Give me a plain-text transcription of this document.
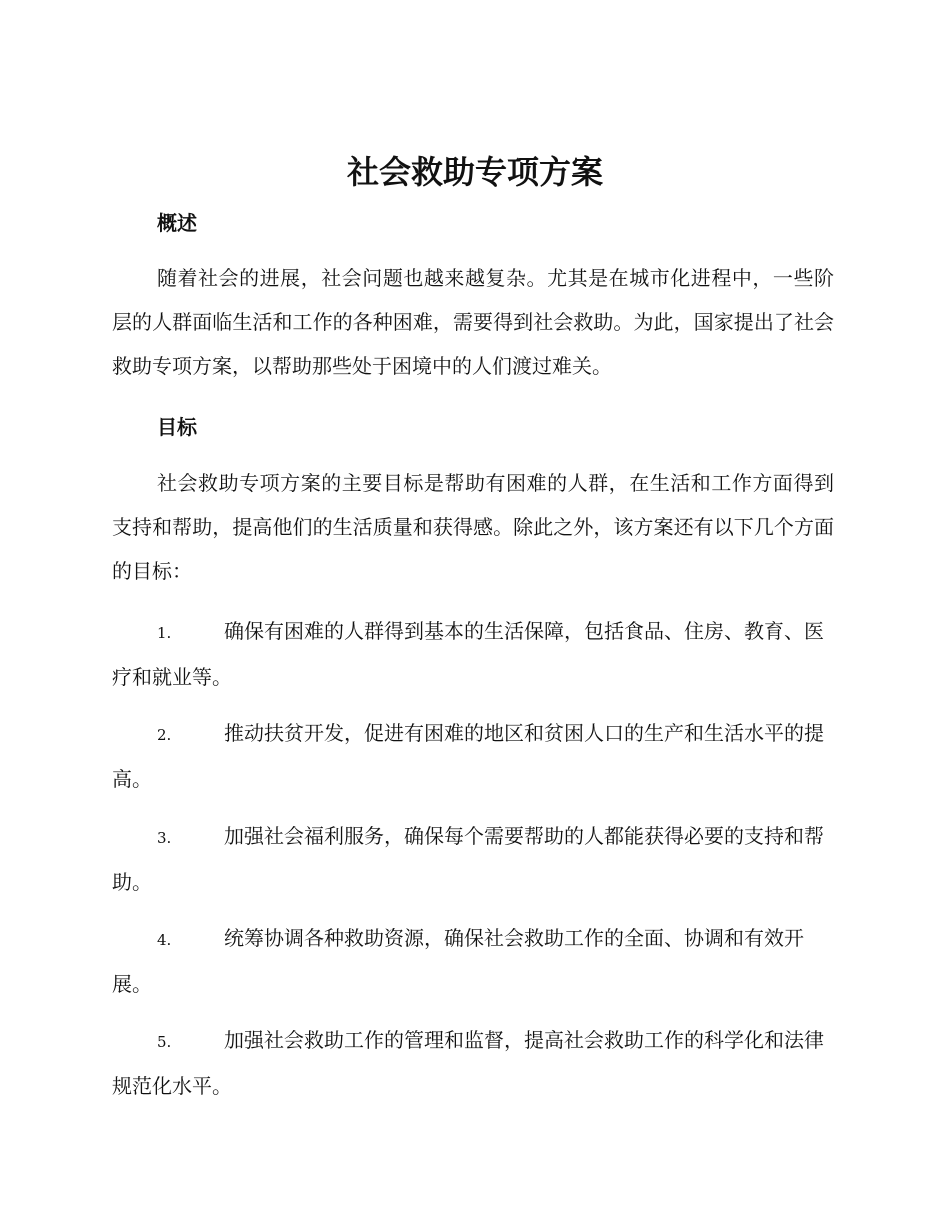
社会救助专项方案
概述

随着社会的进展，社会问题也越来越复杂。尤其是在城市化进程中，一些阶层的人群面临生活和工作的各种困难，需要得到社会救助。为此，国家提出了社会救助专项方案，以帮助那些处于困境中的人们渡过难关。

目标

社会救助专项方案的主要目标是帮助有困难的人群，在生活和工作方面得到支持和帮助，提高他们的生活质量和获得感。除此之外，该方案还有以下几个方面的目标：

1.	确保有困难的人群得到基本的生活保障，包括食品、住房、教育、医疗和就业等。

2.	推动扶贫开发，促进有困难的地区和贫困人口的生产和生活水平的提高。

3.	加强社会福利服务，确保每个需要帮助的人都能获得必要的支持和帮助。

4.	统筹协调各种救助资源，确保社会救助工作的全面、协调和有效开展。

5.	加强社会救助工作的管理和监督，提高社会救助工作的科学化和法律规范化水平。
